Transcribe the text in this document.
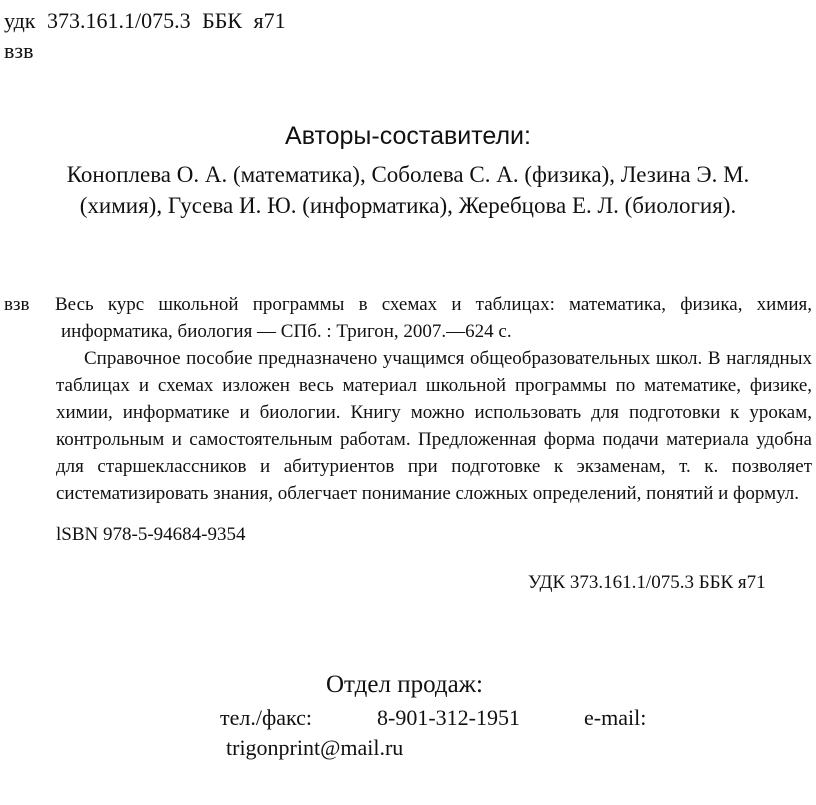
удк 373.161.1/075.3 ББК я71
взв
Авторы-составители:
Коноплева О. А. (математика), Соболева С. А. (физика), Лезина Э. М.
(химия), Гусева И. Ю. (информатика), Жеребцова Е. Л. (биология).
взв Весь курс школьной программы в схемах и таблицах: математика, физика, химия, информатика, биология — СПб. : Тригон, 2007.—624 с.
Справочное пособие предназначено учащимся общеобразовательных школ. В наглядных таблицах и схемах изложен весь материал школьной программы по математике, физике, химии, информатике и биологии. Книгу можно использовать для подготовки к урокам, контрольным и самостоятельным работам. Предложенная форма подачи материала удобна для старшеклассников и абитуриентов при подготовке к экзаменам, т. к. позволяет систематизировать знания, облегчает понимание сложных определений, понятий и формул.
lSBN 978-5-94684-9354
УДК 373.161.1/075.3 ББК я71
Отдел продаж:
тел./факс:	8-901-312-1951	e-mail:
trigonprint@mail.ru
